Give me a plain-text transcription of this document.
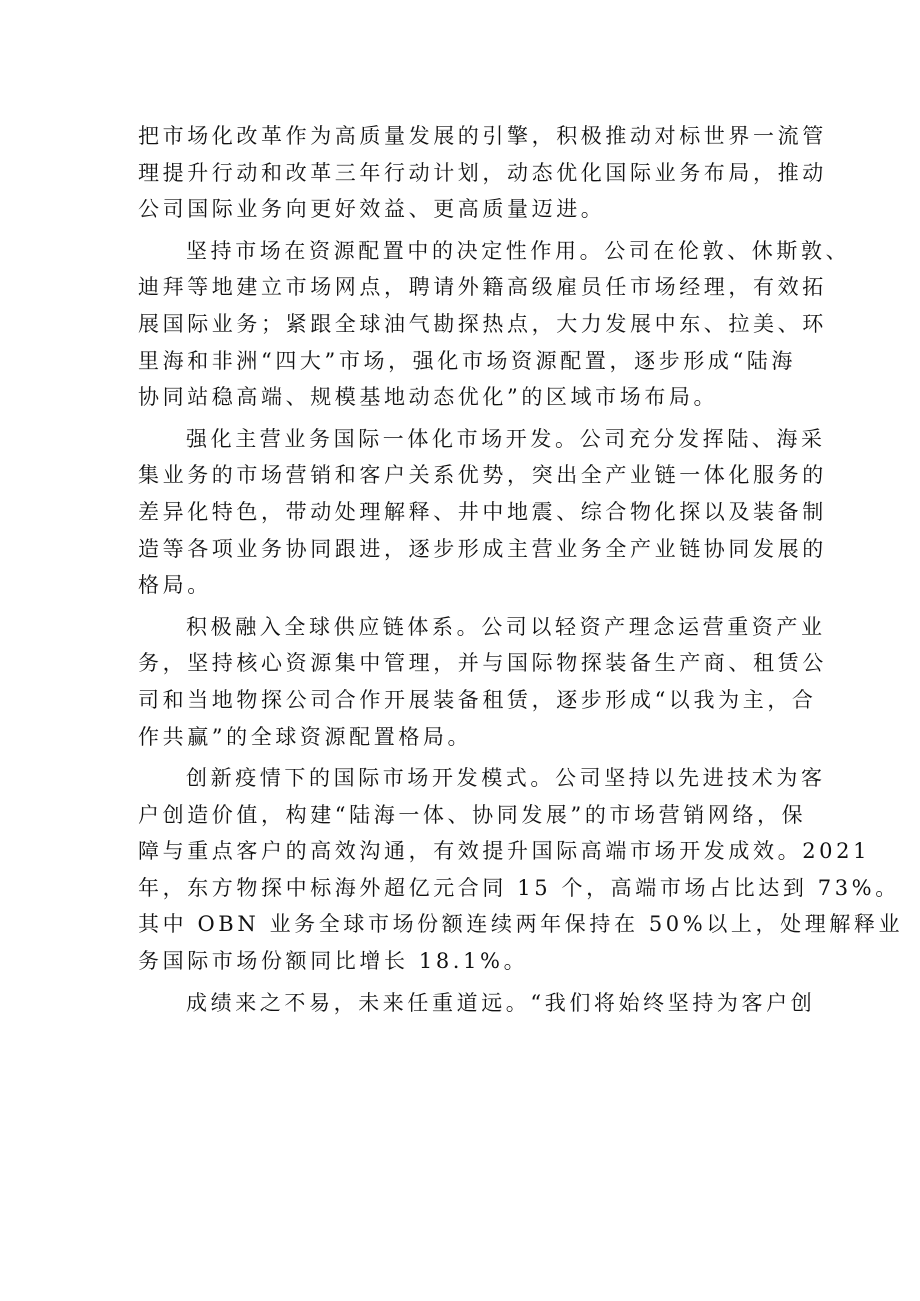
把市场化改革作为高质量发展的引擎，积极推动对标世界一流管
理提升行动和改革三年行动计划，动态优化国际业务布局，推动
公司国际业务向更好效益、更高质量迈进。
坚持市场在资源配置中的决定性作用。公司在伦敦、休斯敦、
迪拜等地建立市场网点，聘请外籍高级雇员任市场经理，有效拓
展国际业务；紧跟全球油气勘探热点，大力发展中东、拉美、环
里海和非洲“四大”市场，强化市场资源配置，逐步形成“陆海
协同站稳高端、规模基地动态优化”的区域市场布局。
强化主营业务国际一体化市场开发。公司充分发挥陆、海采
集业务的市场营销和客户关系优势，突出全产业链一体化服务的
差异化特色，带动处理解释、井中地震、综合物化探以及装备制
造等各项业务协同跟进，逐步形成主营业务全产业链协同发展的
格局。
积极融入全球供应链体系。公司以轻资产理念运营重资产业
务，坚持核心资源集中管理，并与国际物探装备生产商、租赁公
司和当地物探公司合作开展装备租赁，逐步形成“以我为主，合
作共赢”的全球资源配置格局。
创新疫情下的国际市场开发模式。公司坚持以先进技术为客
户创造价值，构建“陆海一体、协同发展”的市场营销网络，保
障与重点客户的高效沟通，有效提升国际高端市场开发成效。2021
年，东方物探中标海外超亿元合同 15 个，高端市场占比达到 73%。
其中 OBN 业务全球市场份额连续两年保持在 50%以上，处理解释业
务国际市场份额同比增长 18.1%。
成绩来之不易，未来任重道远。“我们将始终坚持为客户创
